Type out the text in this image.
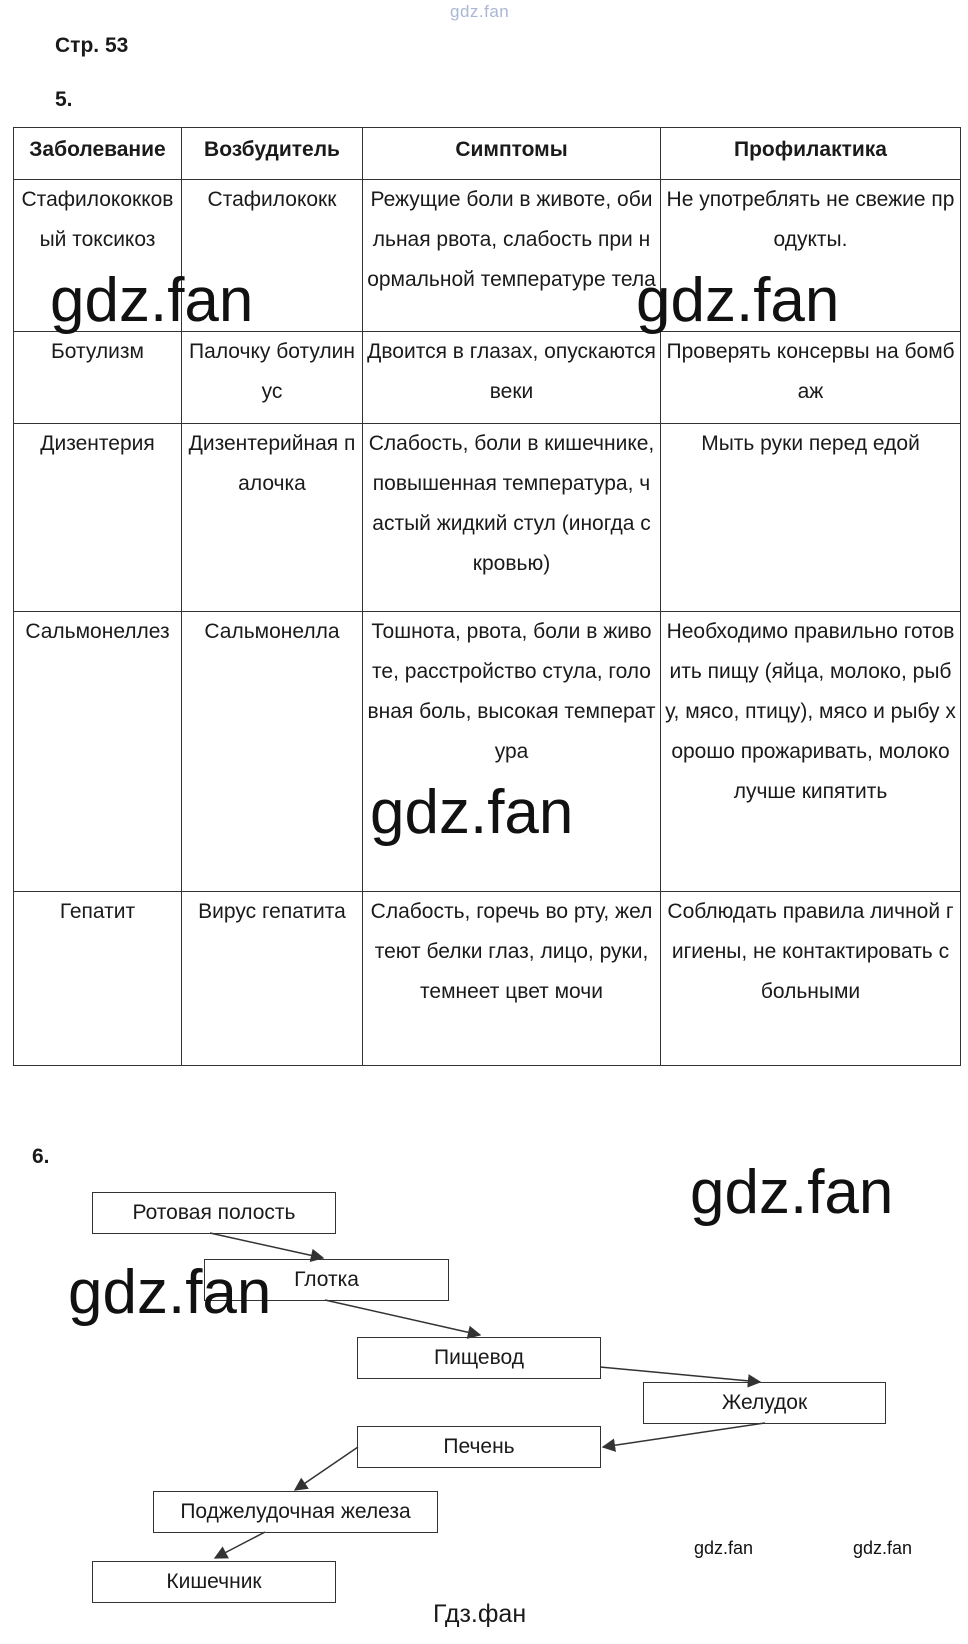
gdz.fan
Стр. 53
5.
Заболевание	Возбудитель	Симптомы	Профилактика
Стафилококковый токсикоз	Стафилококк	Режущие боли в животе, обильная рвота, слабость при нормальной температуре тела	Не употреблять не свежие продукты.
Ботулизм	Палочку ботулинус	Двоится в глазах, опускаются веки	Проверять консервы на бомбаж
Дизентерия	Дизентерийная палочка	Слабость, боли в кишечнике, повышенная температура, частый жидкий стул (иногда с кровью)	Мыть руки перед едой
Сальмонеллез	Сальмонелла	Тошнота, рвота, боли в животе, расстройство стула, головная боль, высокая температура	Необходимо правильно готовить пищу (яйца, молоко, рыбу, мясо, птицу), мясо и рыбу хорошо прожаривать, молоко лучше кипятить
Гепатит	Вирус гепатита	Слабость, горечь во рту, желтеют белки глаз, лицо, руки, темнеет цвет мочи	Соблюдать правила личной гигиены, не контактировать с больными
6.
Ротовая полость
Глотка
Пищевод
Желудок
Печень
Поджелудочная железа
Кишечник
gdz.fan	gdz.fan
gdz.fan
gdz.fan
gdz.fan
gdz.fan	gdz.fan
Гдз.фан
